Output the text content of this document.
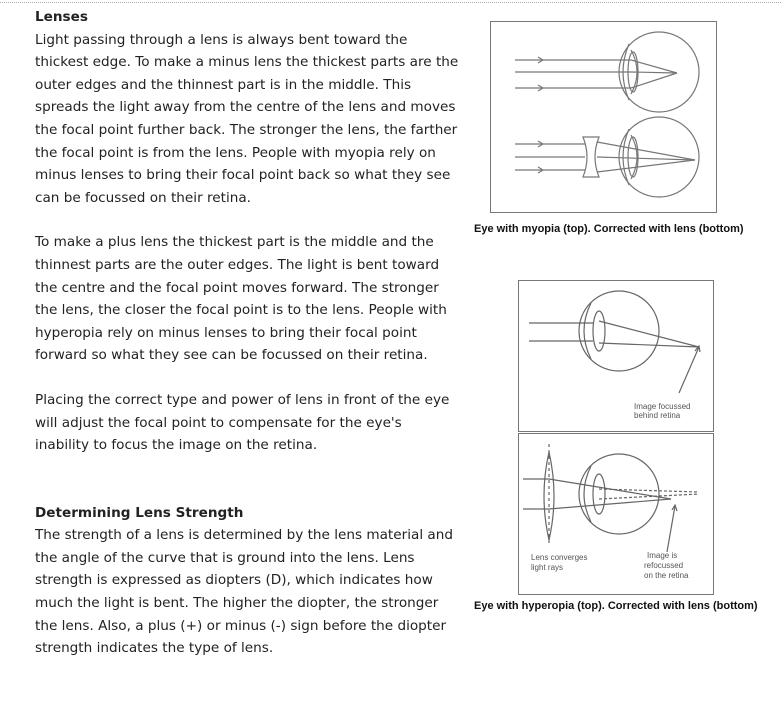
Lenses

Light passing through a lens is always bent toward the thickest edge. To make a minus lens the thickest parts are the outer edges and the thinnest part is in the middle. This spreads the light away from the centre of the lens and moves the focal point further back. The stronger the lens, the farther the focal point is from the lens. People with myopia rely on minus lenses to bring their focal point back so what they see can be focussed on their retina.

To make a plus lens the thickest part is the middle and the thinnest parts are the outer edges. The light is bent toward the centre and the focal point moves forward. The stronger the lens, the closer the focal point is to the lens. People with hyperopia rely on minus lenses to bring their focal point forward so what they see can be focussed on their retina.

Placing the correct type and power of lens in front of the eye will adjust the focal point to compensate for the eye's inability to focus the image on the retina.

Determining Lens Strength

The strength of a lens is determined by the lens material and the angle of the curve that is ground into the lens. Lens strength is expressed as diopters (D), which indicates how much the light is bent. The higher the diopter, the stronger the lens. Also, a plus (+) or minus (-) sign before the diopter strength indicates the type of lens.

Eye with myopia (top). Corrected with lens (bottom)
Image focussed
behind retina
Lens converges
light rays
Image is
refocussed
on the retina
Eye with hyperopia (top). Corrected with lens (bottom)
